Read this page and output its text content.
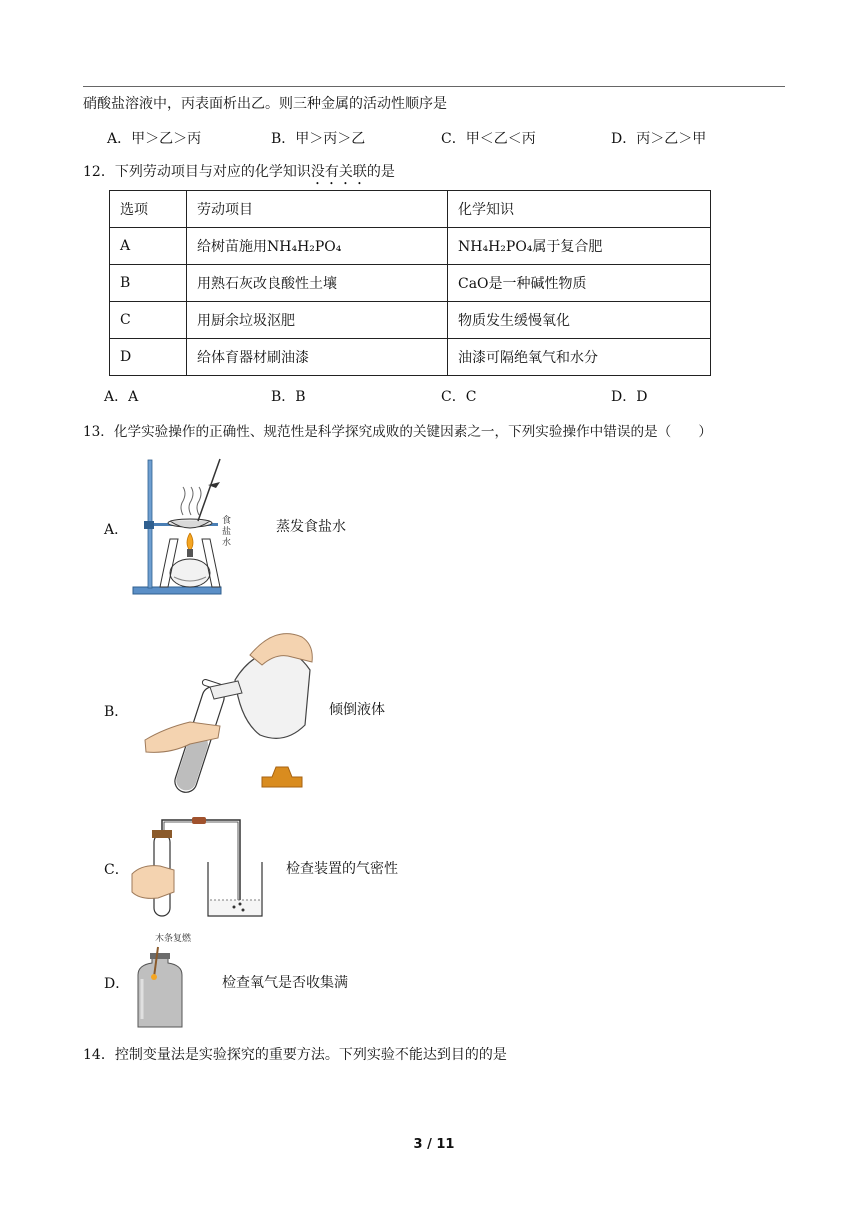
硝酸盐溶液中，丙表面析出乙。则三种金属的活动性顺序是
A．甲＞乙＞丙	B．甲＞丙＞乙	C．甲＜乙＜丙	D．丙＞乙＞甲
12．下列劳动项目与对应的化学知识没有关联的是
选项	劳动项目	化学知识
A	给树苗施用NH₄H₂PO₄	NH₄H₂PO₄属于复合肥
B	用熟石灰改良酸性土壤	CaO是一种碱性物质
C	用厨余垃圾沤肥	物质发生缓慢氧化
D	给体育器材刷油漆	油漆可隔绝氧气和水分
A．A	B．B	C．C	D．D
13．化学实验操作的正确性、规范性是科学探究成败的关键因素之一，下列实验操作中错误的是（　　）
A．
食盐水
蒸发食盐水
B．	倾倒液体
C．	检查装置的气密性
D．
木条复燃
检查氧气是否收集满
14．控制变量法是实验探究的重要方法。下列实验不能达到目的的是
3 / 11
